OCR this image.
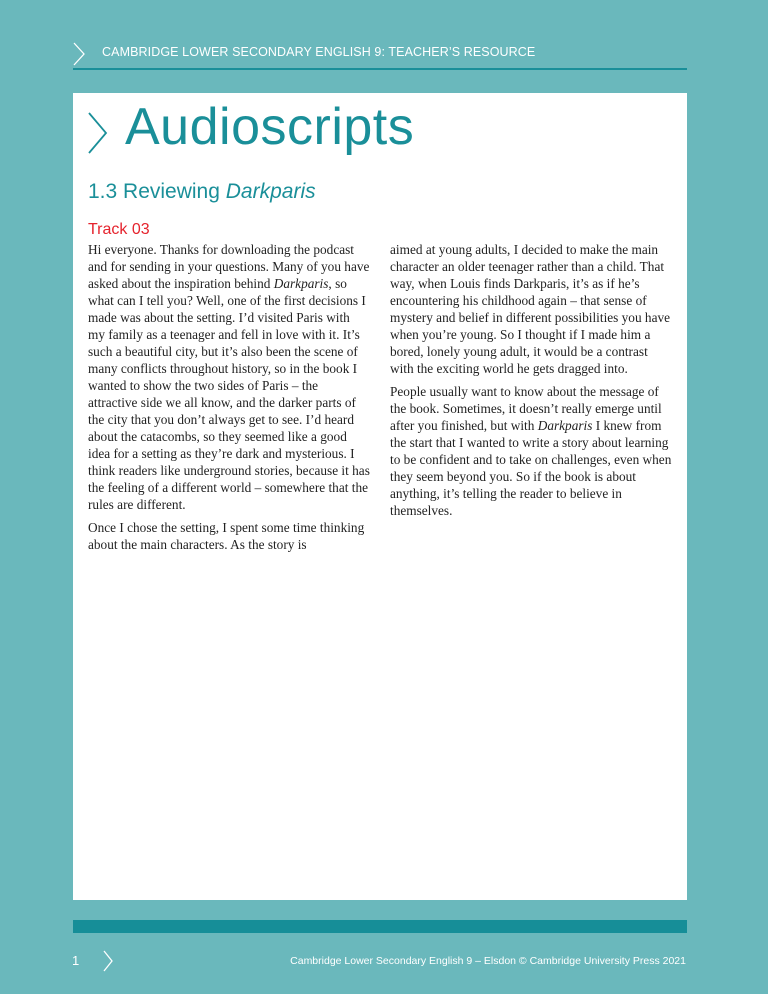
CAMBRIDGE LOWER SECONDARY ENGLISH 9: TEACHER’S RESOURCE
Audioscripts
1.3 Reviewing Darkparis
Track 03

Hi everyone. Thanks for downloading the podcast and for sending in your questions. Many of you have asked about the inspiration behind Darkparis, so what can I tell you? Well, one of the first decisions I made was about the setting. I’d visited Paris with my family as a teenager and fell in love with it. It’s such a beautiful city, but it’s also been the scene of many conflicts throughout history, so in the book I wanted to show the two sides of Paris – the attractive side we all know, and the darker parts of the city that you don’t always get to see. I’d heard about the catacombs, so they seemed like a good idea for a setting as they’re dark and mysterious. I think readers like underground stories, because it has the feeling of a different world – somewhere that the rules are different.

Once I chose the setting, I spent some time thinking about the main characters. As the story is

aimed at young adults, I decided to make the main character an older teenager rather than a child. That way, when Louis finds Darkparis, it’s as if he’s encountering his childhood again – that sense of mystery and belief in different possibilities you have when you’re young. So I thought if I made him a bored, lonely young adult, it would be a contrast with the exciting world he gets dragged into.

People usually want to know about the message of the book. Sometimes, it doesn’t really emerge until after you finished, but with Darkparis I knew from the start that I wanted to write a story about learning to be confident and to take on challenges, even when they seem beyond you. So if the book is about anything, it’s telling the reader to believe in themselves.

1	Cambridge Lower Secondary English 9 – Elsdon © Cambridge University Press 2021
